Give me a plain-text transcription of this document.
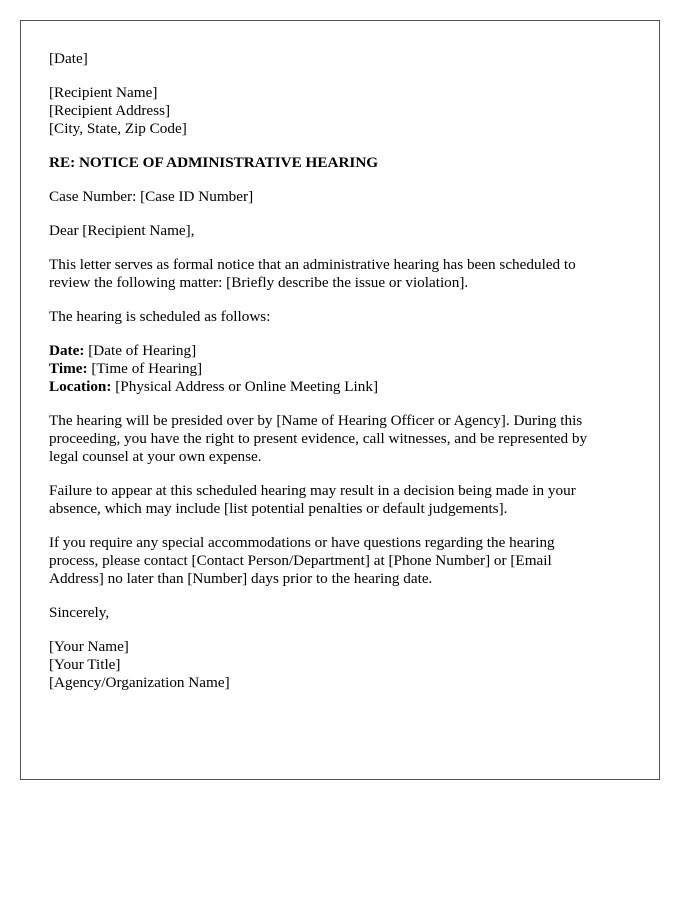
[Date]
[Recipient Name]
[Recipient Address]
[City, State, Zip Code]
RE: NOTICE OF ADMINISTRATIVE HEARING
Case Number: [Case ID Number]
Dear [Recipient Name],
This letter serves as formal notice that an administrative hearing has been scheduled to
review the following matter: [Briefly describe the issue or violation].
The hearing is scheduled as follows:
Date: [Date of Hearing]
Time: [Time of Hearing]
Location: [Physical Address or Online Meeting Link]
The hearing will be presided over by [Name of Hearing Officer or Agency]. During this
proceeding, you have the right to present evidence, call witnesses, and be represented by
legal counsel at your own expense.
Failure to appear at this scheduled hearing may result in a decision being made in your
absence, which may include [list potential penalties or default judgements].
If you require any special accommodations or have questions regarding the hearing
process, please contact [Contact Person/Department] at [Phone Number] or [Email
Address] no later than [Number] days prior to the hearing date.
Sincerely,
[Your Name]
[Your Title]
[Agency/Organization Name]
